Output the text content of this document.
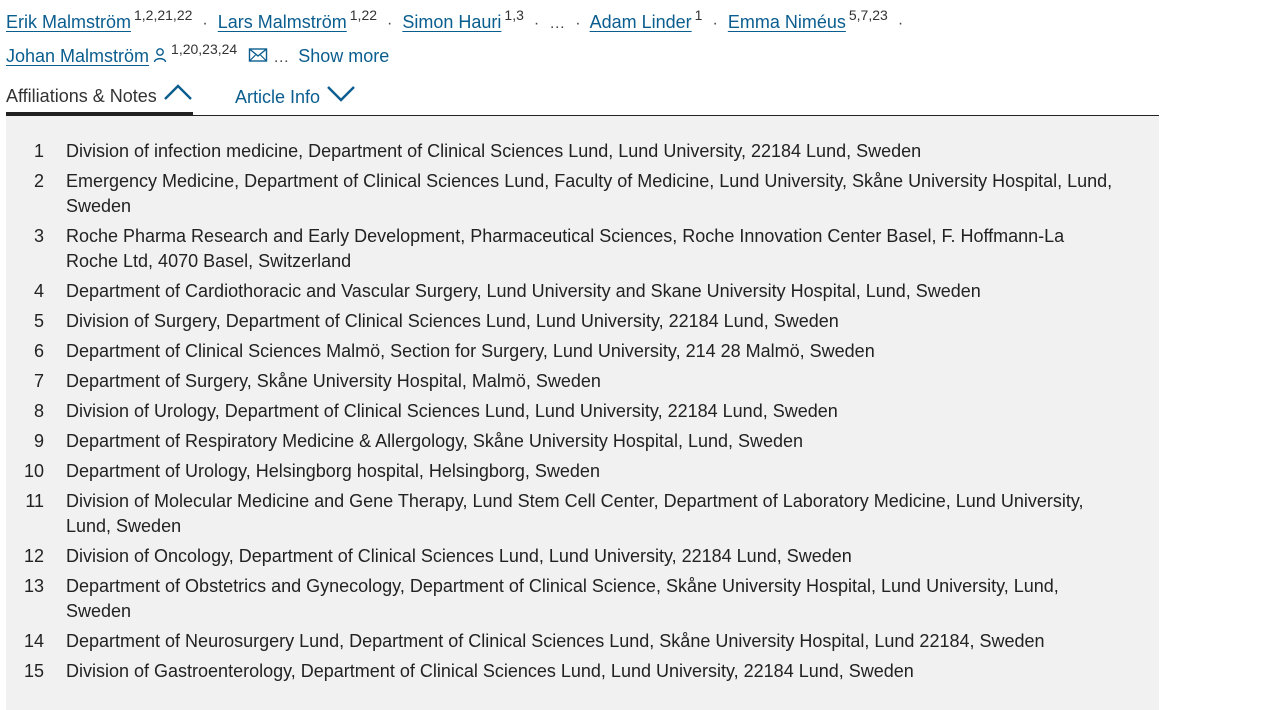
Erik Malmström $^{1,2,21,22}$ · Lars Malmström $^{1,22}$ · Simon Hauri $^{1,3}$ · … · Adam Linder $^1$ · Emma Niméus $^{5,7,23}$ ·
Johan Malmström $^{1,20,23,24}$ … Show more
Affiliations & Notes	Article Info
1 Division of infection medicine, Department of Clinical Sciences Lund, Lund University, 22184 Lund, Sweden
2 Emergency Medicine, Department of Clinical Sciences Lund, Faculty of Medicine, Lund University, Skåne University Hospital, Lund, Sweden
3 Roche Pharma Research and Early Development, Pharmaceutical Sciences, Roche Innovation Center Basel, F. Hoffmann-La Roche Ltd, 4070 Basel, Switzerland
4 Department of Cardiothoracic and Vascular Surgery, Lund University and Skane University Hospital, Lund, Sweden
5 Division of Surgery, Department of Clinical Sciences Lund, Lund University, 22184 Lund, Sweden
6 Department of Clinical Sciences Malmö, Section for Surgery, Lund University, 214 28 Malmö, Sweden
7 Department of Surgery, Skåne University Hospital, Malmö, Sweden
8 Division of Urology, Department of Clinical Sciences Lund, Lund University, 22184 Lund, Sweden
9 Department of Respiratory Medicine & Allergology, Skåne University Hospital, Lund, Sweden
10 Department of Urology, Helsingborg hospital, Helsingborg, Sweden
11 Division of Molecular Medicine and Gene Therapy, Lund Stem Cell Center, Department of Laboratory Medicine, Lund University, Lund, Sweden
12 Division of Oncology, Department of Clinical Sciences Lund, Lund University, 22184 Lund, Sweden
13 Department of Obstetrics and Gynecology, Department of Clinical Science, Skåne University Hospital, Lund University, Lund, Sweden
14 Department of Neurosurgery Lund, Department of Clinical Sciences Lund, Skåne University Hospital, Lund 22184, Sweden
15 Division of Gastroenterology, Department of Clinical Sciences Lund, Lund University, 22184 Lund, Sweden
